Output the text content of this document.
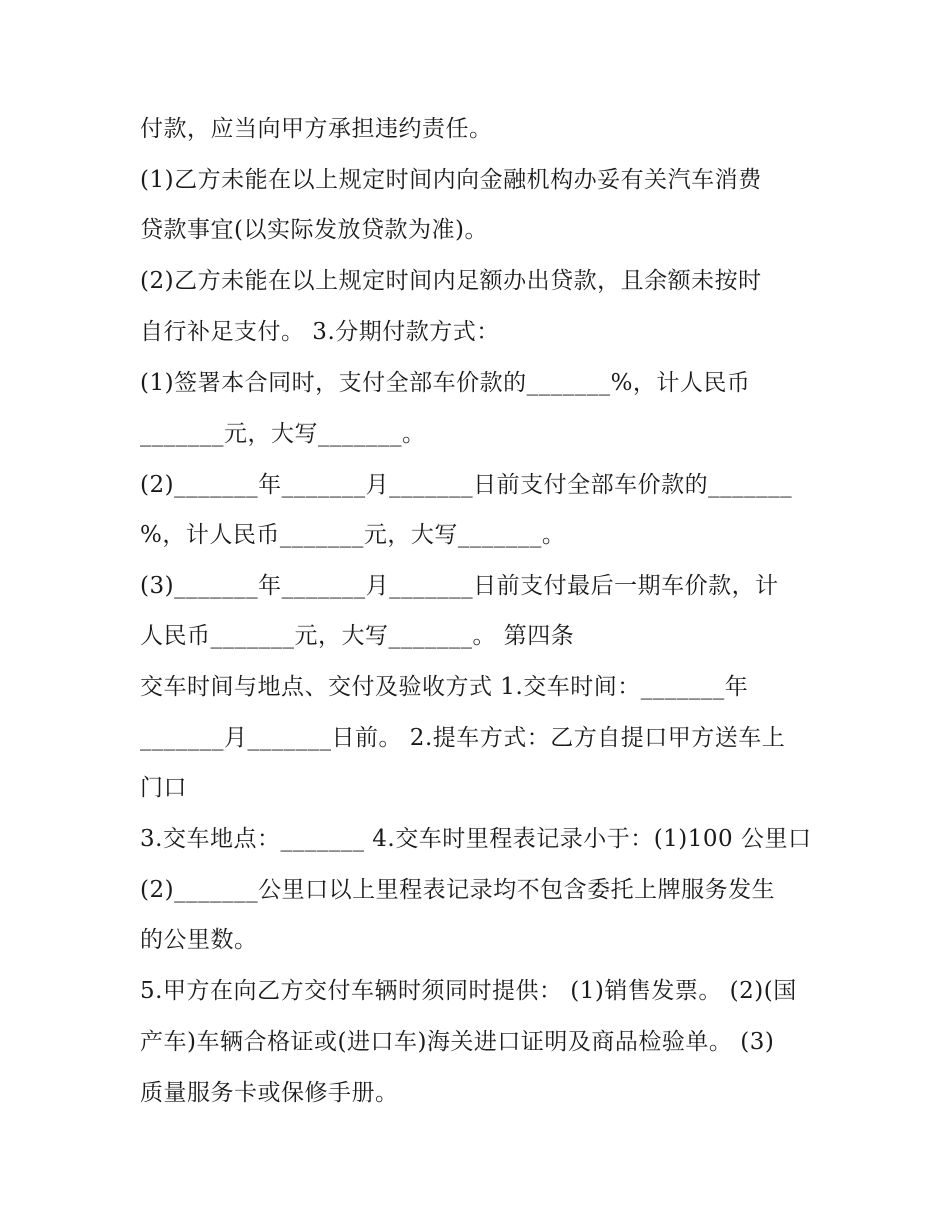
付款，应当向甲方承担违约责任。
(1)乙方未能在以上规定时间内向金融机构办妥有关汽车消费
贷款事宜(以实际发放贷款为准)。
(2)乙方未能在以上规定时间内足额办出贷款，且余额未按时
自行补足支付。 3.分期付款方式：
(1)签署本合同时，支付全部车价款的_______%，计人民币
_______元，大写_______。
(2)_______年_______月_______日前支付全部车价款的_______
%，计人民币_______元，大写_______。
(3)_______年_______月_______日前支付最后一期车价款，计
人民币_______元，大写_______。 第四条
交车时间与地点、交付及验收方式 1.交车时间：_______年
_______月_______日前。 2.提车方式：乙方自提口甲方送车上
门口
3.交车地点：_______ 4.交车时里程表记录小于：(1)100 公里口
(2)_______公里口以上里程表记录均不包含委托上牌服务发生
的公里数。
5.甲方在向乙方交付车辆时须同时提供： (1)销售发票。 (2)(国
产车)车辆合格证或(进口车)海关进口证明及商品检验单。 (3)
质量服务卡或保修手册。
